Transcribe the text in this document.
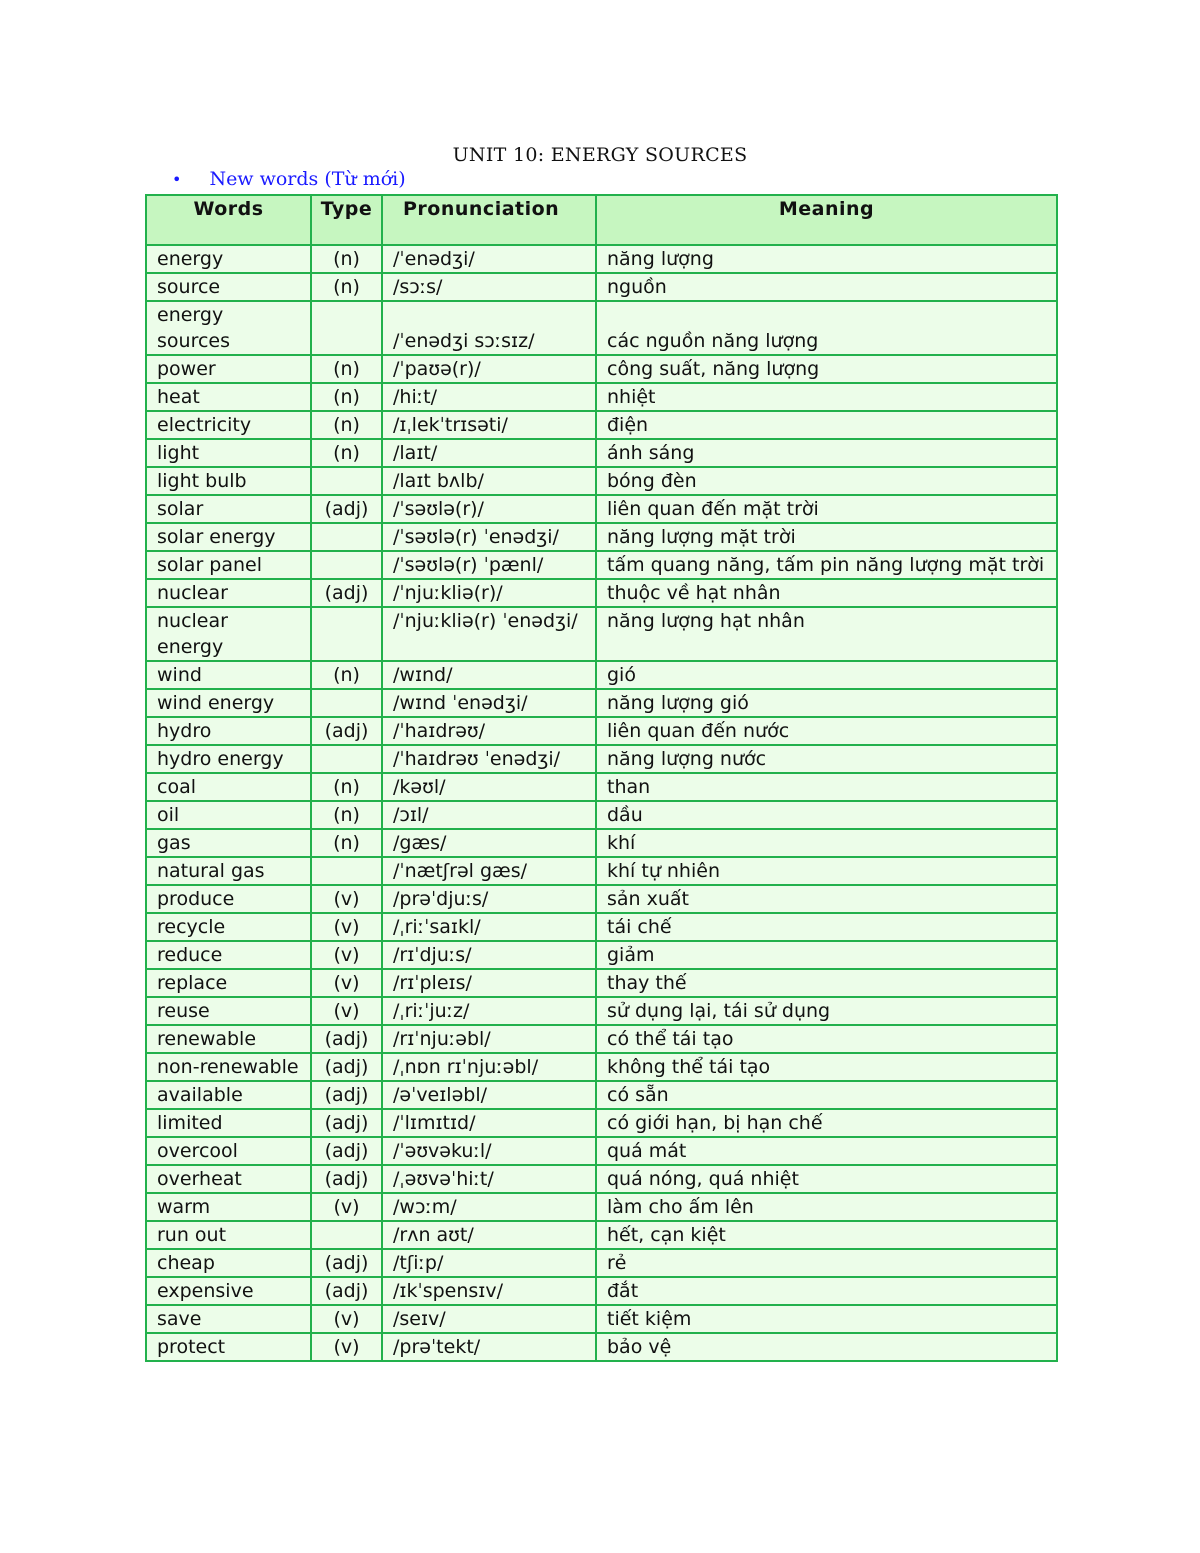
UNIT 10: ENERGY SOURCES
• New words (Từ mới)
Words	Type	Pronunciation	Meaning
energy	(n)	/ˈenədʒi/	năng lượng
source	(n)	/sɔːs/	nguồn
energy sources		/ˈenədʒi sɔːsɪz/	các nguồn năng lượng
power	(n)	/ˈpaʊə(r)/	công suất, năng lượng
heat	(n)	/hiːt/	nhiệt
electricity	(n)	/ɪˌlekˈtrɪsəti/	điện
light	(n)	/laɪt/	ánh sáng
light bulb		/laɪt bʌlb/	bóng đèn
solar	(adj)	/ˈsəʊlə(r)/	liên quan đến mặt trời
solar energy		/ˈsəʊlə(r) ˈenədʒi/	năng lượng mặt trời
solar panel		/ˈsəʊlə(r) ˈpænl/	tấm quang năng, tấm pin năng lượng mặt trời
nuclear	(adj)	/ˈnjuːkliə(r)/	thuộc về hạt nhân
nuclear energy		/ˈnjuːkliə(r) ˈenədʒi/	năng lượng hạt nhân
wind	(n)	/wɪnd/	gió
wind energy		/wɪnd ˈenədʒi/	năng lượng gió
hydro	(adj)	/ˈhaɪdrəʊ/	liên quan đến nước
hydro energy		/ˈhaɪdrəʊ ˈenədʒi/	năng lượng nước
coal	(n)	/kəʊl/	than
oil	(n)	/ɔɪl/	dầu
gas	(n)	/gæs/	khí
natural gas		/ˈnætʃrəl gæs/	khí tự nhiên
produce	(v)	/prəˈdjuːs/	sản xuất
recycle	(v)	/ˌriːˈsaɪkl/	tái chế
reduce	(v)	/rɪˈdjuːs/	giảm
replace	(v)	/rɪˈpleɪs/	thay thế
reuse	(v)	/ˌriːˈjuːz/	sử dụng lại, tái sử dụng
renewable	(adj)	/rɪˈnjuːəbl/	có thể tái tạo
non-renewable	(adj)	/ˌnɒn rɪˈnjuːəbl/	không thể tái tạo
available	(adj)	/əˈveɪləbl/	có sẵn
limited	(adj)	/ˈlɪmɪtɪd/	có giới hạn, bị hạn chế
overcool	(adj)	/ˈəʊvəkuːl/	quá mát
overheat	(adj)	/ˌəʊvəˈhiːt/	quá nóng, quá nhiệt
warm	(v)	/wɔːm/	làm cho ấm lên
run out		/rʌn aʊt/	hết, cạn kiệt
cheap	(adj)	/tʃiːp/	rẻ
expensive	(adj)	/ɪkˈspensɪv/	đắt
save	(v)	/seɪv/	tiết kiệm
protect	(v)	/prəˈtekt/	bảo vệ
